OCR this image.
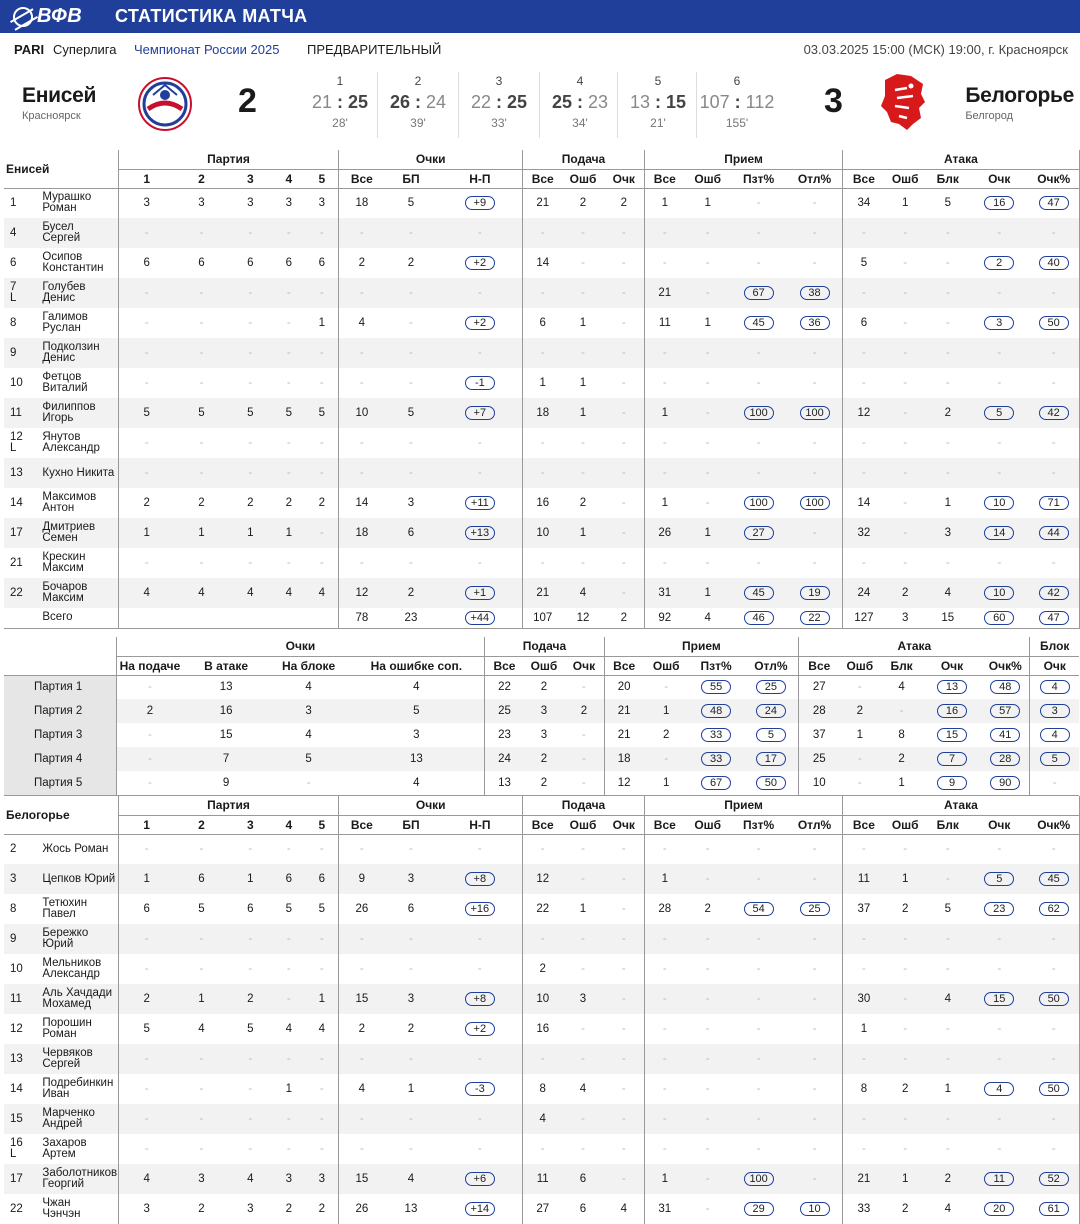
ВФВ СТАТИСТИКА МАТЧА
PARI Суперлига Чемпионат России 2025 ПРЕДВАРИТЕЛЬНЫЙ	03.03.2025 15:00 (МСК) 19:00, г. Красноярск
Енисей
Красноярск	2
1
21 : 25
28'
2
26 : 24
39'
3
22 : 25
33'
4
25 : 23
34'
5
13 : 15
21'
6
107 : 112
155'
3	Белогорье
Белгород
Енисей		Партия					Очки			Подача			Прием				Атака	
		1	2	3	4	5	Все	БП	Н-П	Все	Ошб	Очк	Все	Ошб	Пзт%	Отл%	Все	Ошб	Блк	Очк	Очк%	
1	Мурашко
Роман	3	3	3	3	3	18	5	+9	21	2	2	1	1	-	-	34	1	5	16	47	
4	Бусел
Сергей	-	-	-	-	-	-	-	-	-	-	-	-	-	-	-	-	-	-	-	-	
6	Осипов
Константин	6	6	6	6	6	2	2	+2	14	-	-	-	-	-	-	5	-	-	2	40	
7
L	Голубев
Денис	-	-	-	-	-	-	-	-	-	-	-	21	-	67	38	-	-	-	-	-	
8	Галимов
Руслан	-	-	-	-	1	4	-	+2	6	1	-	11	1	45	36	6	-	-	3	50	
9	Подколзин
Денис	-	-	-	-	-	-	-	-	-	-	-	-	-	-	-	-	-	-	-	-	
10	Фетцов
Виталий	-	-	-	-	-	-	-	-1	1	1	-	-	-	-	-	-	-	-	-	-	
11	Филиппов
Игорь	5	5	5	5	5	10	5	+7	18	1	-	1	-	100	100	12	-	2	5	42	
12
L	Янутов
Александр	-	-	-	-	-	-	-	-	-	-	-	-	-	-	-	-	-	-	-	-	
13	Кухно Никита	-	-	-	-	-	-	-	-	-	-	-	-	-	-	-	-	-	-	-	-	
14	Максимов
Антон	2	2	2	2	2	14	3	+11	16	2	-	1	-	100	100	14	-	1	10	71	
17	Дмитриев
Семен	1	1	1	1	-	18	6	+13	10	1	-	26	1	27	-	32	-	3	14	44	
21	Кр͏ескин
Максим	-	-	-	-	-	-	-	-	-	-	-	-	-	-	-	-	-	-	-	-	
22	Бочаров
Максим	4	4	4	4	4	12	2	+1	21	4	-	31	1	45	19	24	2	4	10	42	
	Всего						78	23	+44	107	12	2	92	4	46	22	127	3	15	60	47	
	Очки				Подача			Прием				Атака					Блок
	На подаче	В атаке	На блоке	На ошибке соп.	Все	Ошб	Очк	Все	Ошб	Пзт%	Отл%	Все	Ошб	Блк	Очк	Очк%	Очк
Партия 1	-	13	4	4	22	2	-	20	-	55	25	27	-	4	13	48	4
Партия 2	2	16	3	5	25	3	2	21	1	48	24	28	2	-	16	57	3
Партия 3	-	15	4	3	23	3	-	21	2	33	5	37	1	8	15	41	4
Партия 4	-	7	5	13	24	2	-	18	-	33	17	25	-	2	7	28	5
Партия 5	-	9	-	4	13	2	-	12	1	67	50	10	-	1	9	90	-
Белогорье		Партия					Очки			Подача			Прием				Атака	
		1	2	3	4	5	Все	БП	Н-П	Все	Ошб	Очк	Все	Ошб	Пзт%	Отл%	Все	Ошб	Блк	Очк	Очк%	
2	Жось Роман	-	-	-	-	-	-	-	-	-	-	-	-	-	-	-	-	-	-	-	-	
3	Цепков Юрий	1	6	1	6	6	9	3	+8	12	-	-	1	-	-	-	11	1	-	5	45	
8	Тетюхин
Павел	6	5	6	5	5	26	6	+16	22	1	-	28	2	54	25	37	2	5	23	62	
9	Бережко
Юрий	-	-	-	-	-	-	-	-	-	-	-	-	-	-	-	-	-	-	-	-	
10	Мельников
Александр	-	-	-	-	-	-	-	-	2	-	-	-	-	-	-	-	-	-	-	-	
11	Аль Хачдади
Мохамед	2	1	2	-	1	15	3	+8	10	3	-	-	-	-	-	30	-	4	15	50	
12	Порошин
Роман	5	4	5	4	4	2	2	+2	16	-	-	-	-	-	-	1	-	-	-	-	
13	Червяков
Сергей	-	-	-	-	-	-	-	-	-	-	-	-	-	-	-	-	-	-	-	-	
14	Подребинкин
Иван	-	-	-	1	-	4	1	-3	8	4	-	-	-	-	-	8	2	1	4	50	
15	Марченко
Андрей	-	-	-	-	-	-	-	-	4	-	-	-	-	-	-	-	-	-	-	-	
16
L	Захаров
Артем	-	-	-	-	-	-	-	-	-	-	-	-	-	-	-	-	-	-	-	-	
17	Заболотников
Георгий	4	3	4	3	3	15	4	+6	11	6	-	1	-	100	-	21	1	2	11	52	
22	Чжан
Чэнчэн	3	2	3	2	2	26	13	+14	27	6	4	31	-	29	10	33	2	4	20	61	
